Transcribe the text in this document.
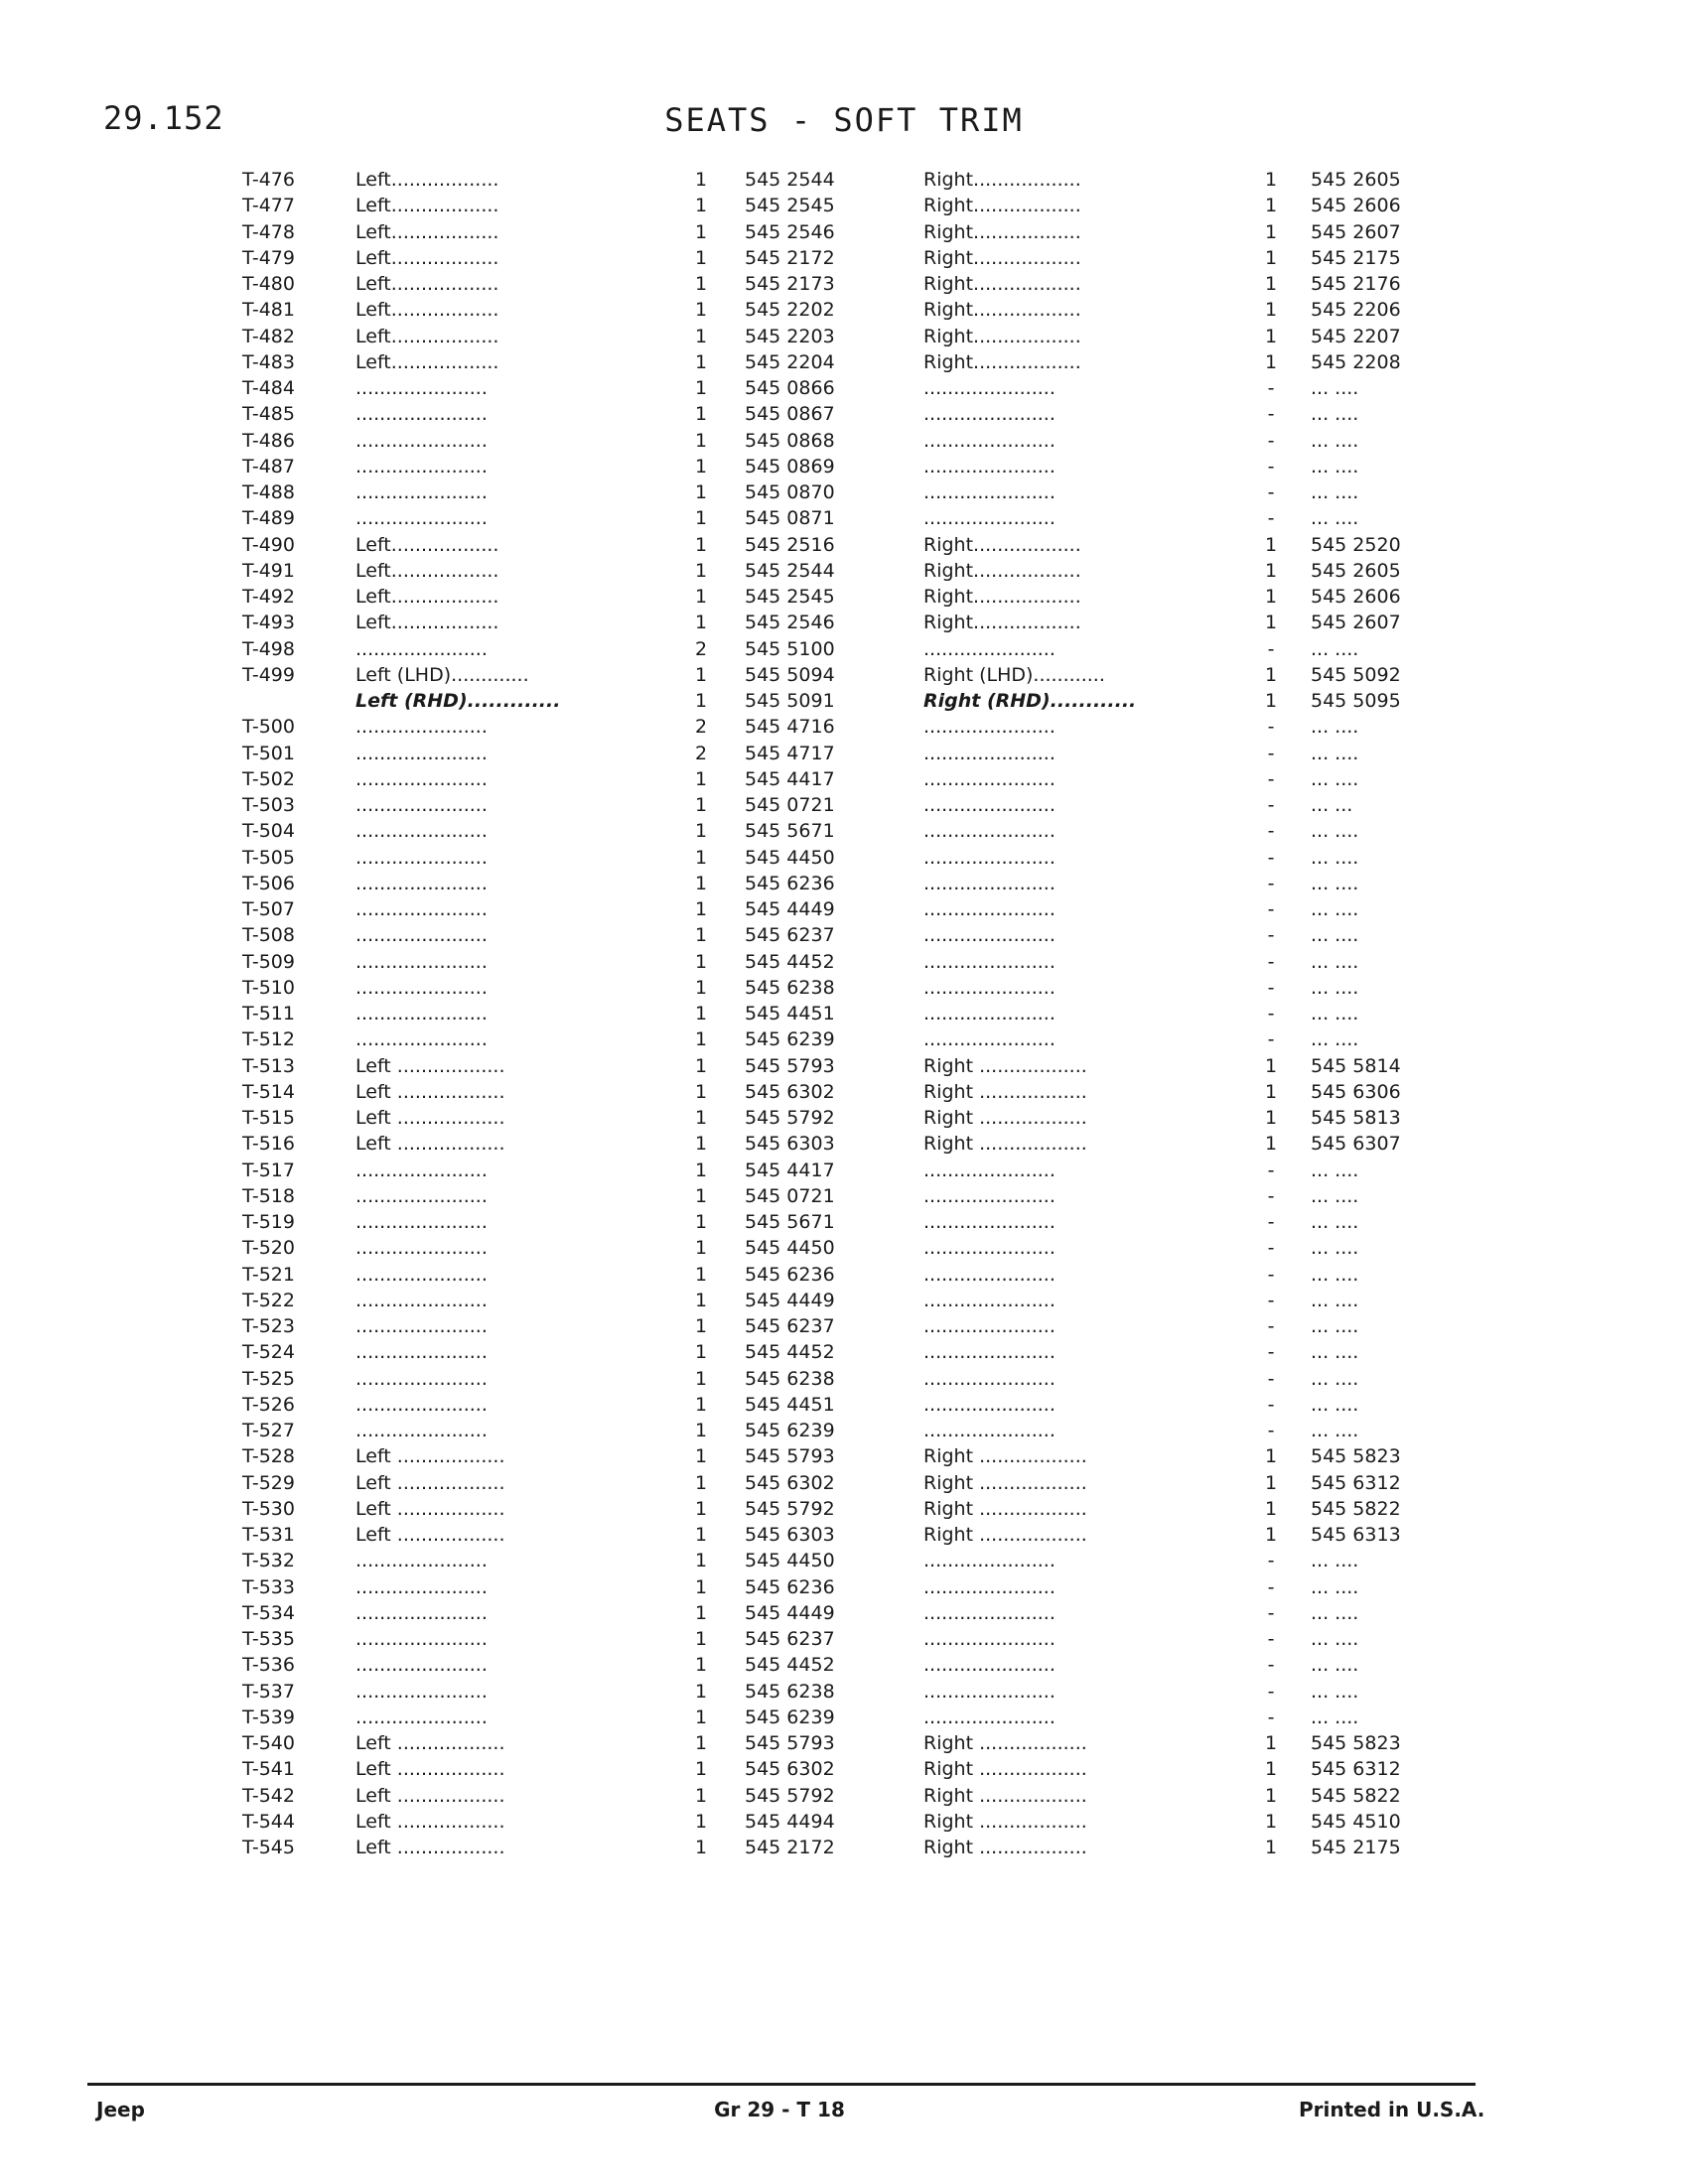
29.152	SEATS - SOFT TRIM
T-476	Left..................	1 545 2544	Right..................	1 545 2605
T-477	Left..................	1 545 2545	Right..................	1 545 2606
T-478	Left..................	1 545 2546	Right..................	1 545 2607
T-479	Left..................	1 545 2172	Right..................	1 545 2175
T-480	Left..................	1 545 2173	Right..................	1 545 2176
T-481	Left..................	1 545 2202	Right..................	1 545 2206
T-482	Left..................	1 545 2203	Right..................	1 545 2207
T-483	Left..................	1 545 2204	Right..................	1 545 2208
T-484	......................	1 545 0866	......................	-	... ....
T-485	......................	1 545 0867	......................	-	... ....
T-486	......................	1 545 0868	......................	-	... ....
T-487	......................	1 545 0869	......................	-	... ....
T-488	......................	1 545 0870	......................	-	... ....
T-489	......................	1 545 0871	......................	-	... ....
T-490	Left..................	1 545 2516	Right..................	1 545 2520
T-491	Left..................	1 545 2544	Right..................	1 545 2605
T-492	Left..................	1 545 2545	Right..................	1 545 2606
T-493	Left..................	1 545 2546	Right..................	1 545 2607
T-498	......................	2 545 5100	......................	-	... ....
T-499	Left (LHD).............	1 545 5094	Right (LHD)............	1 545 5092
Left (RHD).............	1 545 5091	Right (RHD)............	1 545 5095
T-500	......................	2 545 4716	......................	-	... ....
T-501	......................	2 545 4717	......................	-	... ....
T-502	......................	1 545 4417	......................	-	... ....
T-503	......................	1 545 0721	......................	-	... ...
T-504	......................	1 545 5671	......................	-	... ....
T-505	......................	1 545 4450	......................	-	... ....
T-506	......................	1 545 6236	......................	-	... ....
T-507	......................	1 545 4449	......................	-	... ....
T-508	......................	1 545 6237	......................	-	... ....
T-509	......................	1 545 4452	......................	-	... ....
T-510	......................	1 545 6238	......................	-	... ....
T-511	......................	1 545 4451	......................	-	... ....
T-512	......................	1 545 6239	......................	-	... ....
T-513	Left ..................	1 545 5793	Right ..................	1 545 5814
T-514	Left ..................	1 545 6302	Right ..................	1 545 6306
T-515	Left ..................	1 545 5792	Right ..................	1 545 5813
T-516	Left ..................	1 545 6303	Right ..................	1 545 6307
T-517	......................	1 545 4417	......................	-	... ....
T-518	......................	1 545 0721	......................	-	... ....
T-519	......................	1 545 5671	......................	-	... ....
T-520	......................	1 545 4450	......................	-	... ....
T-521	......................	1 545 6236	......................	-	... ....
T-522	......................	1 545 4449	......................	-	... ....
T-523	......................	1 545 6237	......................	-	... ....
T-524	......................	1 545 4452	......................	-	... ....
T-525	......................	1 545 6238	......................	-	... ....
T-526	......................	1 545 4451	......................	-	... ....
T-527	......................	1 545 6239	......................	-	... ....
T-528	Left ..................	1 545 5793	Right ..................	1 545 5823
T-529	Left ..................	1 545 6302	Right ..................	1 545 6312
T-530	Left ..................	1 545 5792	Right ..................	1 545 5822
T-531	Left ..................	1 545 6303	Right ..................	1 545 6313
T-532	......................	1 545 4450	......................	-	... ....
T-533	......................	1 545 6236	......................	-	... ....
T-534	......................	1 545 4449	......................	-	... ....
T-535	......................	1 545 6237	......................	-	... ....
T-536	......................	1 545 4452	......................	-	... ....
T-537	......................	1 545 6238	......................	-	... ....
T-539	......................	1 545 6239	......................	-	... ....
T-540	Left ..................	1 545 5793	Right ..................	1 545 5823
T-541	Left ..................	1 545 6302	Right ..................	1 545 6312
T-542	Left ..................	1 545 5792	Right ..................	1 545 5822
T-544	Left ..................	1 545 4494	Right ..................	1 545 4510
T-545	Left ..................	1 545 2172	Right ..................	1 545 2175
Jeep	Gr 29 - T 18	Printed in U.S.A.
